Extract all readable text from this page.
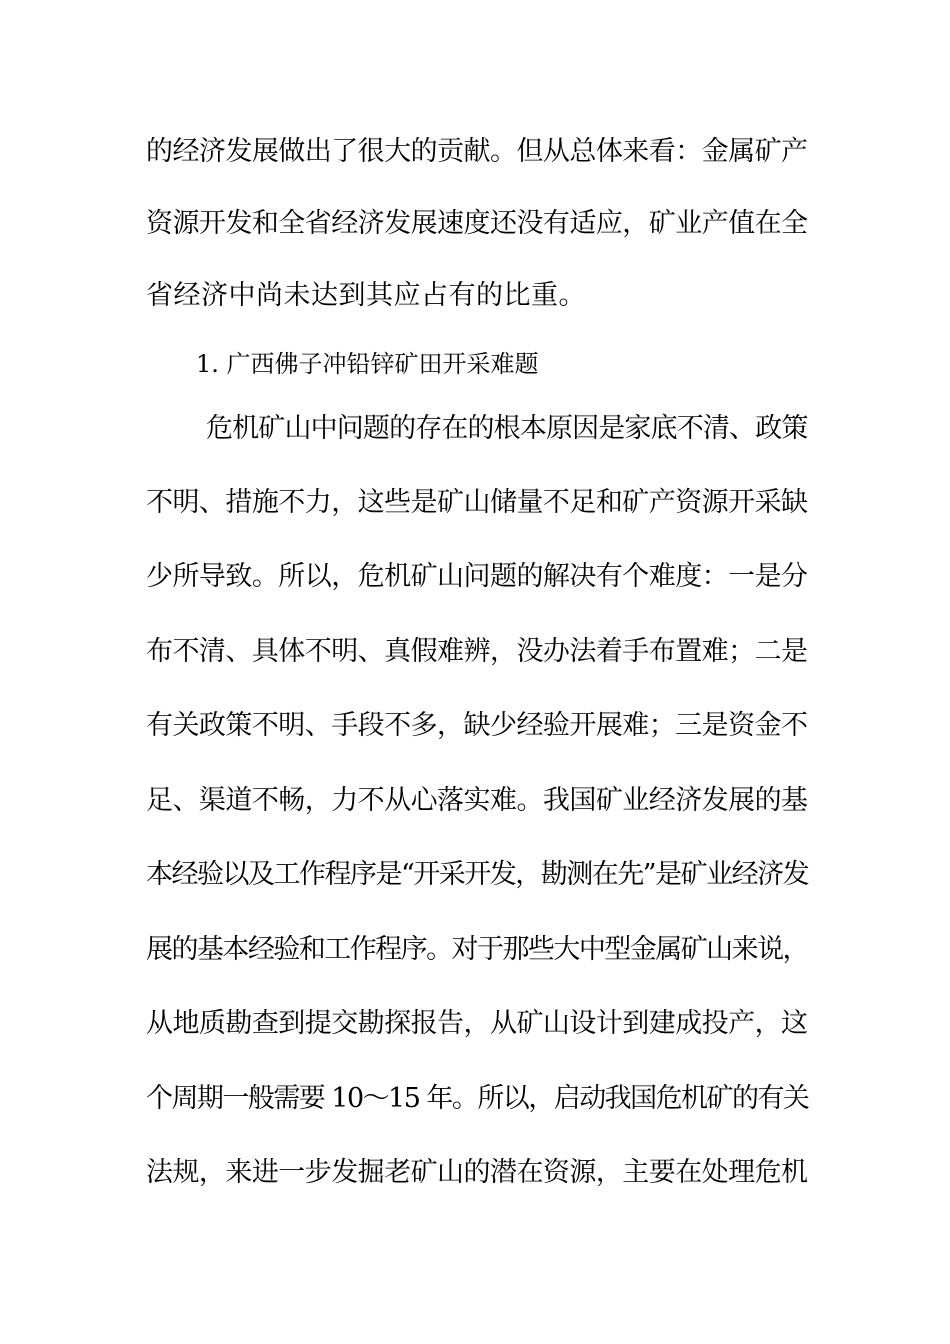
的经济发展做出了很大的贡献。但从总体来看：金属矿产
资源开发和全省经济发展速度还没有适应，矿业产值在全
省经济中尚未达到其应占有的比重。
1. 广西佛子冲铅锌矿田开采难题
危机矿山中问题的存在的根本原因是家底不清、政策
不明、措施不力，这些是矿山储量不足和矿产资源开采缺
少所导致。所以，危机矿山问题的解决有个难度：一是分
布不清、具体不明、真假难辨，没办法着手布置难；二是
有关政策不明、手段不多，缺少经验开展难；三是资金不
足、渠道不畅，力不从心落实难。我国矿业经济发展的基
本经验以及工作程序是“开采开发，勘测在先”是矿业经济发
展的基本经验和工作程序。对于那些大中型金属矿山来说，
从地质勘查到提交勘探报告，从矿山设计到建成投产，这
个周期一般需要 10～15 年。所以，启动我国危机矿的有关
法规，来进一步发掘老矿山的潜在资源，主要在处理危机
